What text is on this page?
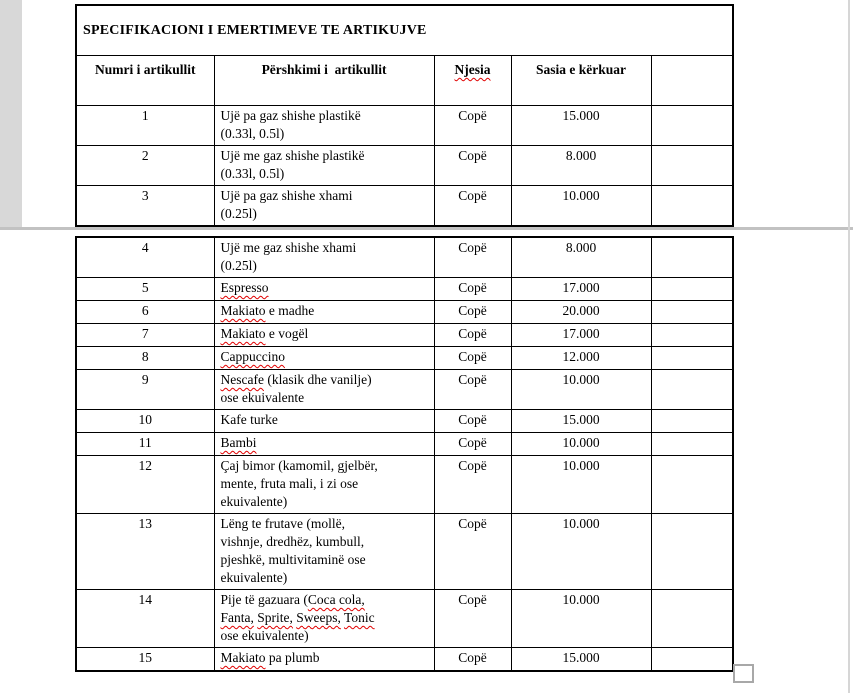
SPECIFIKACIONI I EMERTIMEVE TE ARTIKUJVE				
Numri i artikullit	Përshkimi i  artikullit	Njesia	Sasia e kërkuar	
1	Ujë pa gaz shishe plastikë
(0.33l, 0.5l)	Copë	15.000	
2	Ujë me gaz shishe plastikë
(0.33l, 0.5l)	Copë	8.000	
3	Ujë pa gaz shishe xhami
(0.25l)	Copë	10.000	
4	Ujë me gaz shishe xhami
(0.25l)	Copë	8.000	
5	Espresso	Copë	17.000	
6	Makiato e madhe	Copë	20.000	
7	Makiato e vogël	Copë	17.000	
8	Cappuccino	Copë	12.000	
9	Nescafe (klasik dhe vanilje)
ose ekuivalente	Copë	10.000	
10	Kafe turke	Copë	15.000	
11	Bambi	Copë	10.000	
12	Çaj bimor (kamomil, gjelbër,
mente, fruta mali, i zi ose
ekuivalente)	Copë	10.000	
13	Lëng te frutave (mollë,
vishnje, dredhëz, kumbull,
pjeshkë, multivitaminë ose
ekuivalente)	Copë	10.000	
14	Pije të gazuara (Coca cola,
Fanta, Sprite, Sweeps, Tonic
ose ekuivalente)	Copë	10.000	
15	Makiato pa plumb	Copë	15.000	
